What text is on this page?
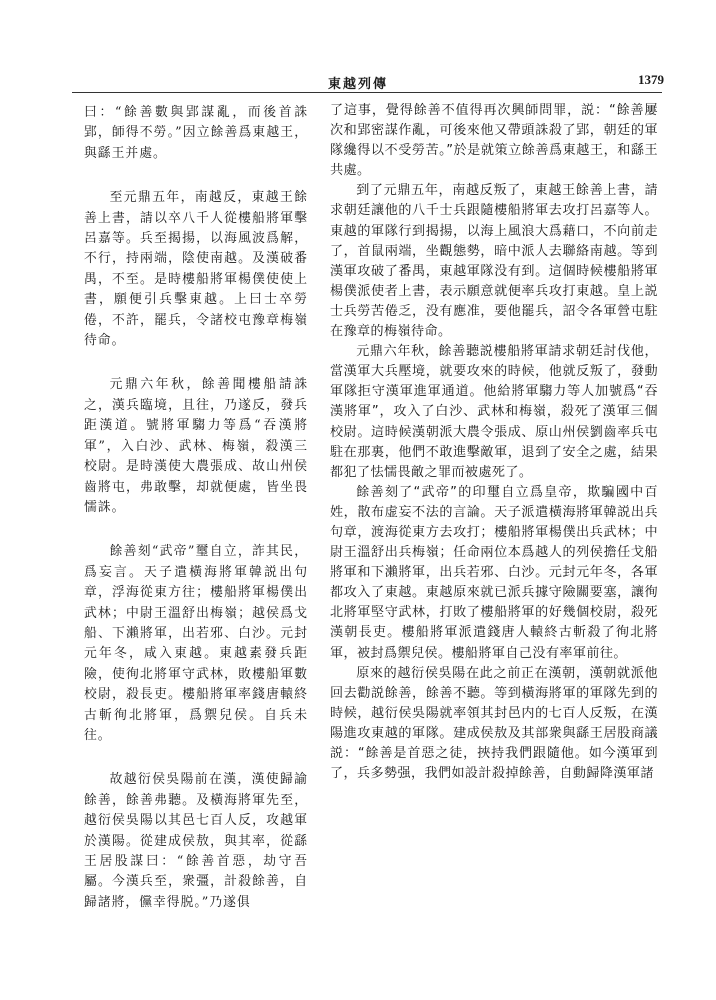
東越列傳	1379

曰：“餘善數與郢謀亂，而後首誅郢，師得不勞。”因立餘善爲東越王，與繇王并處。

至元鼎五年，南越反，東越王餘善上書，請以卒八千人從樓船將軍擊呂嘉等。兵至揭揚，以海風波爲解，不行，持兩端，陰使南越。及漢破番禺，不至。是時樓船將軍楊僕使使上書，願便引兵擊東越。上曰士卒勞倦，不許，罷兵，令諸校屯豫章梅嶺待命。

元鼎六年秋，餘善聞樓船請誅之，漢兵臨境，且往，乃遂反，發兵距漢道。號將軍騶力等爲“吞漢將軍”，入白沙、武林、梅嶺，殺漢三校尉。是時漢使大農張成、故山州侯齒將屯，弗敢擊，却就便處，皆坐畏懦誅。

餘善刻“武帝”璽自立，詐其民，爲妄言。天子遣橫海將軍韓説出句章，浮海從東方往；樓船將軍楊僕出武林；中尉王溫舒出梅嶺；越侯爲戈船、下瀨將軍，出若邪、白沙。元封元年冬，咸入東越。東越素發兵距險，使徇北將軍守武林，敗樓船軍數校尉，殺長吏。樓船將軍率錢唐轅終古斬徇北將軍，爲禦兒侯。自兵未往。

故越衍侯吳陽前在漢，漢使歸諭餘善，餘善弗聽。及橫海將軍先至，越衍侯吳陽以其邑七百人反，攻越軍於漢陽。從建成侯敖，與其率，從繇王居股謀曰：“餘善首惡，劫守吾屬。今漢兵至，衆彊，計殺餘善，自歸諸將，儻幸得脱。”乃遂俱

了這事，覺得餘善不值得再次興師問罪，説：“餘善屢次和郢密謀作亂，可後來他又帶頭誅殺了郢，朝廷的軍隊纔得以不受勞苦。”於是就策立餘善爲東越王，和繇王共處。

到了元鼎五年，南越反叛了，東越王餘善上書，請求朝廷讓他的八千士兵跟隨樓船將軍去攻打呂嘉等人。東越的軍隊行到揭揚，以海上風浪大爲藉口，不向前走了，首鼠兩端，坐觀態勢，暗中派人去聯絡南越。等到漢軍攻破了番禺，東越軍隊没有到。這個時候樓船將軍楊僕派使者上書，表示願意就便率兵攻打東越。皇上説士兵勞苦倦乏，没有應准，要他罷兵，詔令各軍營屯駐在豫章的梅嶺待命。

元鼎六年秋，餘善聽説樓船將軍請求朝廷討伐他，當漢軍大兵壓境，就要攻來的時候，他就反叛了，發動軍隊拒守漢軍進軍通道。他給將軍騶力等人加號爲“吞漢將軍”，攻入了白沙、武林和梅嶺，殺死了漢軍三個校尉。這時候漢朝派大農令張成、原山州侯劉齒率兵屯駐在那裏，他們不敢進擊敵軍，退到了安全之處，結果都犯了怯懦畏敵之罪而被處死了。

餘善刻了“武帝”的印璽自立爲皇帝，欺騙國中百姓，散布虚妄不法的言論。天子派遣橫海將軍韓説出兵句章，渡海從東方去攻打；樓船將軍楊僕出兵武林；中尉王溫舒出兵梅嶺；任命兩位本爲越人的列侯擔任戈船將軍和下瀨將軍，出兵若邪、白沙。元封元年冬，各軍都攻入了東越。東越原來就已派兵據守險關要塞，讓徇北將軍堅守武林，打敗了樓船將軍的好幾個校尉，殺死漢朝長吏。樓船將軍派遣錢唐人轅終古斬殺了徇北將軍，被封爲禦兒侯。樓船將軍自己没有率軍前往。

原來的越衍侯吳陽在此之前正在漢朝，漢朝就派他回去勸説餘善，餘善不聽。等到橫海將軍的軍隊先到的時候，越衍侯吳陽就率領其封邑内的七百人反叛，在漢陽進攻東越的軍隊。建成侯敖及其部衆與繇王居股商議説：“餘善是首惡之徒，挾持我們跟隨他。如今漢軍到了，兵多勢强，我們如設計殺掉餘善，自動歸降漢軍諸
